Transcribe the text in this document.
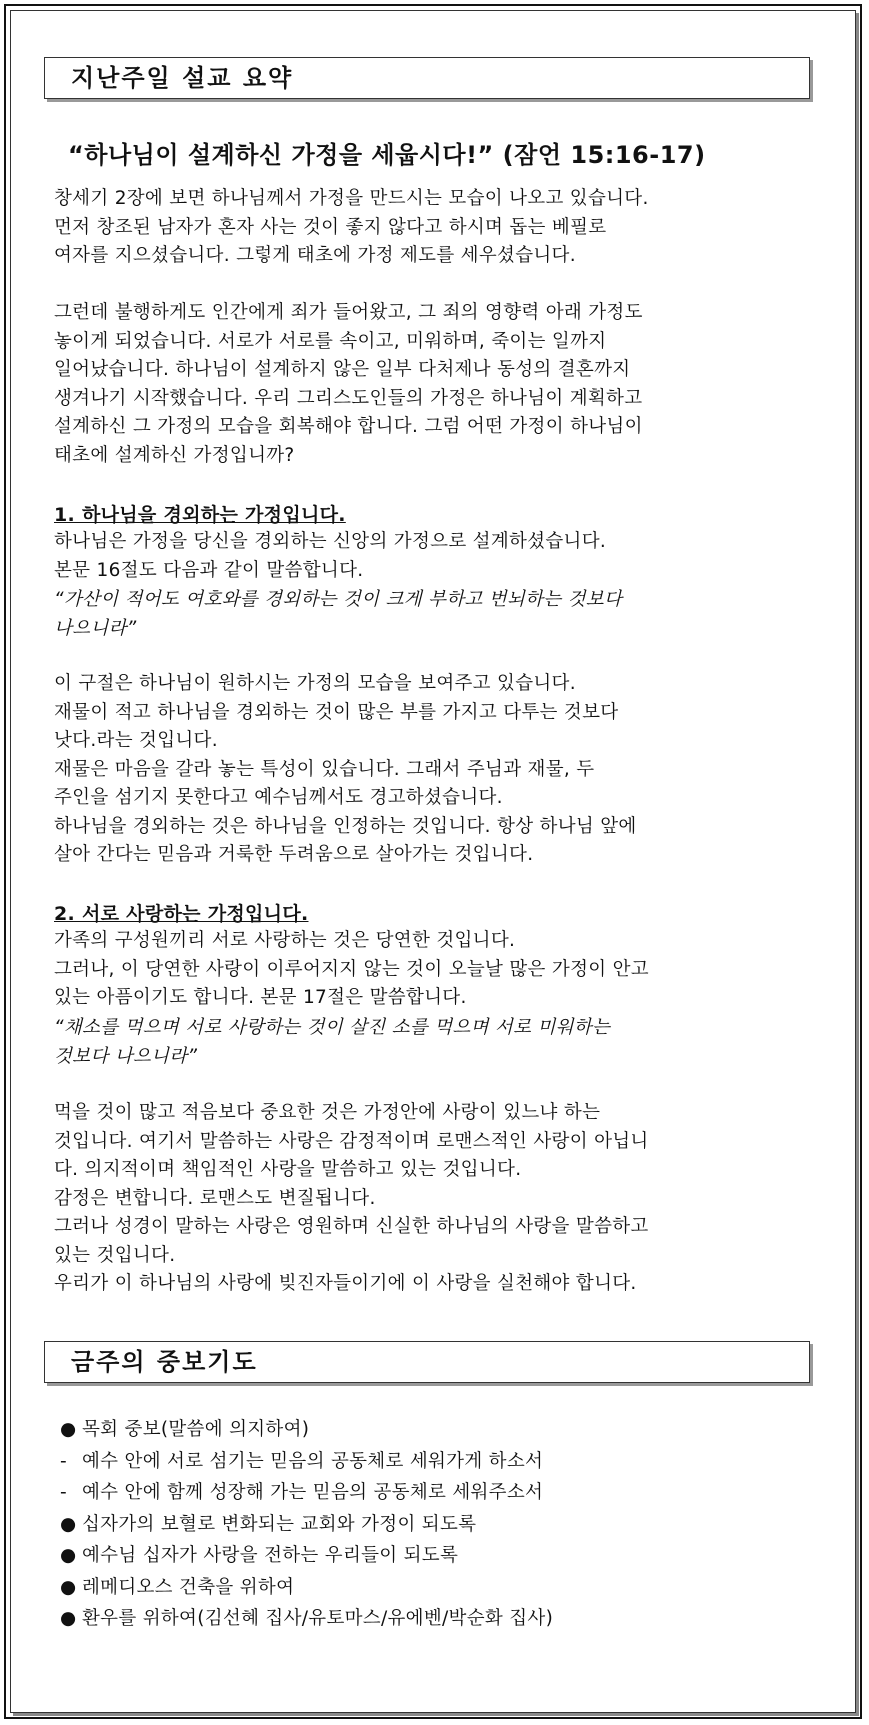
지난주일 설교 요약
“하나님이 설계하신 가정을 세웁시다!” (잠언 15:16-17)
창세기 2장에 보면 하나님께서 가정을 만드시는 모습이 나오고 있습니다.
먼저 창조된 남자가 혼자 사는 것이 좋지 않다고 하시며 돕는 베필로
여자를 지으셨습니다. 그렇게 태초에 가정 제도를 세우셨습니다.
그런데 불행하게도 인간에게 죄가 들어왔고, 그 죄의 영향력 아래 가정도
놓이게 되었습니다. 서로가 서로를 속이고, 미워하며, 죽이는 일까지
일어났습니다. 하나님이 설계하지 않은 일부 다처제나 동성의 결혼까지
생겨나기 시작했습니다. 우리 그리스도인들의 가정은 하나님이 계획하고
설계하신 그 가정의 모습을 회복해야 합니다. 그럼 어떤 가정이 하나님이
태초에 설계하신 가정입니까?
1. 하나님을 경외하는 가정입니다.
하나님은 가정을 당신을 경외하는 신앙의 가정으로 설계하셨습니다.
본문 16절도 다음과 같이 말씀합니다.
“가산이 적어도 여호와를 경외하는 것이 크게 부하고 번뇌하는 것보다
나으니라”
이 구절은 하나님이 원하시는 가정의 모습을 보여주고 있습니다.
재물이 적고 하나님을 경외하는 것이 많은 부를 가지고 다투는 것보다
낫다.라는 것입니다.
재물은 마음을 갈라 놓는 특성이 있습니다. 그래서 주님과 재물, 두
주인을 섬기지 못한다고 예수님께서도 경고하셨습니다.
하나님을 경외하는 것은 하나님을 인정하는 것입니다. 항상 하나님 앞에
살아 간다는 믿음과 거룩한 두려움으로 살아가는 것입니다.
2. 서로 사랑하는 가정입니다.
가족의 구성원끼리 서로 사랑하는 것은 당연한 것입니다.
그러나, 이 당연한 사랑이 이루어지지 않는 것이 오늘날 많은 가정이 안고
있는 아픔이기도 합니다. 본문 17절은 말씀합니다.
“채소를 먹으며 서로 사랑하는 것이 살진 소를 먹으며 서로 미워하는
것보다 나으니라”
먹을 것이 많고 적음보다 중요한 것은 가정안에 사랑이 있느냐 하는
것입니다. 여기서 말씀하는 사랑은 감정적이며 로맨스적인 사랑이 아닙니
다. 의지적이며 책임적인 사랑을 말씀하고 있는 것입니다.
감정은 변합니다. 로맨스도 변질됩니다.
그러나 성경이 말하는 사랑은 영원하며 신실한 하나님의 사랑을 말씀하고
있는 것입니다.
우리가 이 하나님의 사랑에 빚진자들이기에 이 사랑을 실천해야 합니다.
금주의 중보기도
● 목회 중보(말씀에 의지하여)
- 예수 안에 서로 섬기는 믿음의 공동체로 세워가게 하소서
- 예수 안에 함께 성장해 가는 믿음의 공동체로 세워주소서
● 십자가의 보혈로 변화되는 교회와 가정이 되도록
● 예수님 십자가 사랑을 전하는 우리들이 되도록
● 레메디오스 건축을 위하여
● 환우를 위하여(김선혜 집사/유토마스/유에벤/박순화 집사)
